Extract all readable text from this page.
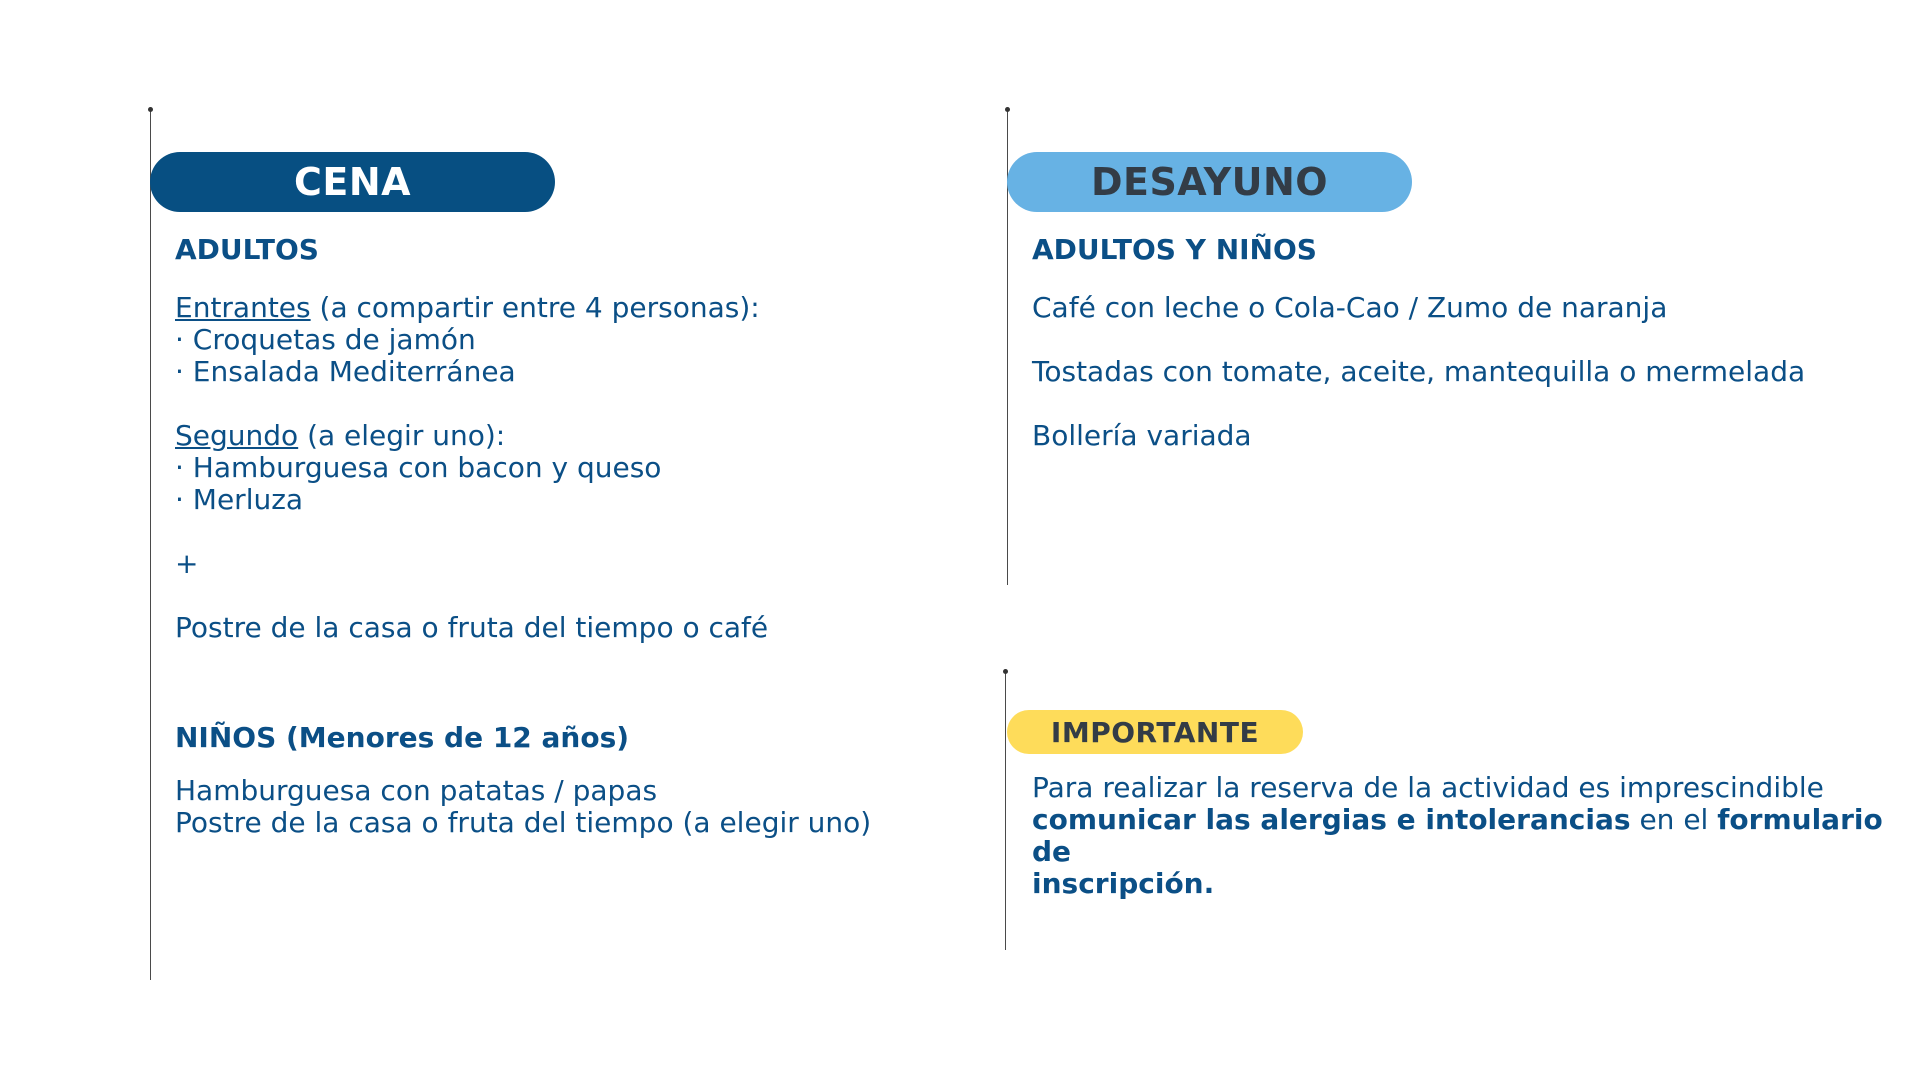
CENA
ADULTOS
Entrantes (a compartir entre 4 personas):
· Croquetas de jamón
· Ensalada Mediterránea
Segundo (a elegir uno):
· Hamburguesa con bacon y queso
· Merluza
+
Postre de la casa o fruta del tiempo o café
NIÑOS (Menores de 12 años)
Hamburguesa con patatas / papas
Postre de la casa o fruta del tiempo (a elegir uno)
DESAYUNO
ADULTOS Y NIÑOS
Café con leche o Cola-Cao / Zumo de naranja
Tostadas con tomate, aceite, mantequilla o mermelada
Bollería variada
IMPORTANTE
Para realizar la reserva de la actividad es imprescindible
comunicar las alergias e intolerancias en el formulario de
inscripción.
